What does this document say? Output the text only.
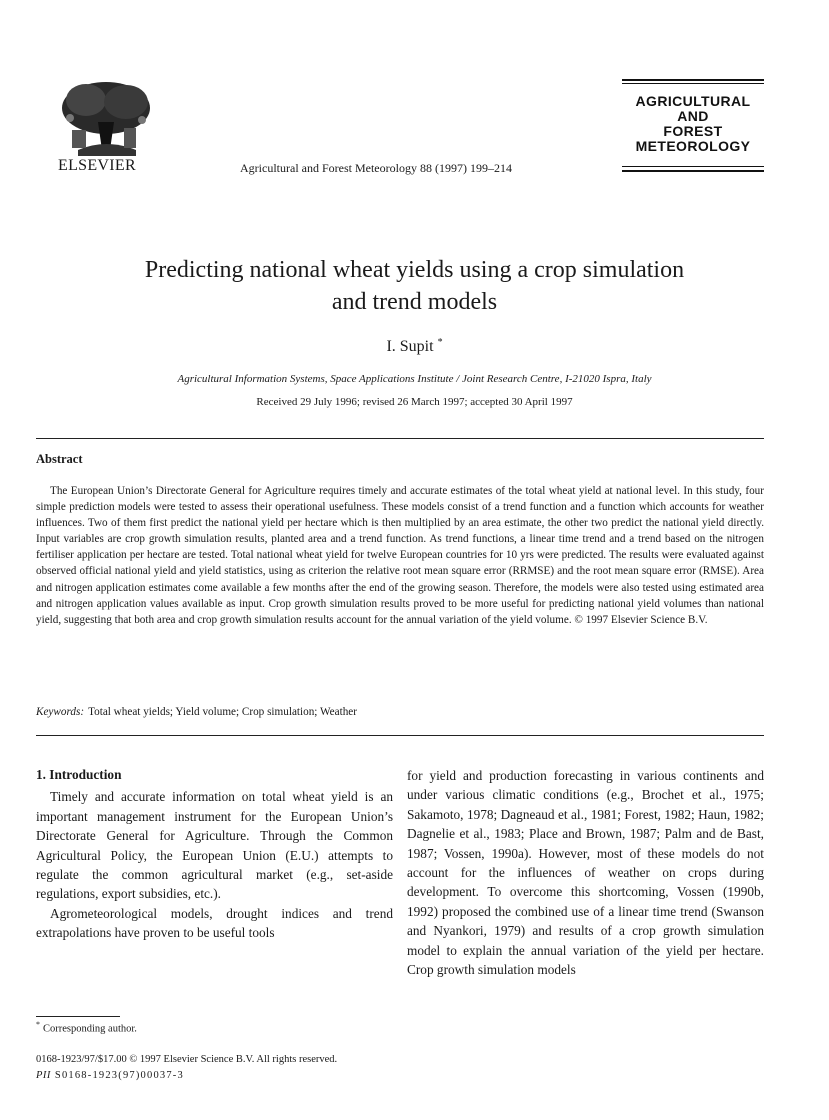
ELSEVIER	Agricultural and Forest Meteorology 88 (1997) 199–214
AGRICULTURAL
AND
FOREST
METEOROLOGY
Predicting national wheat yields using a crop simulation
and trend models
I. Supit *
Agricultural Information Systems, Space Applications Institute / Joint Research Centre, I-21020 Ispra, Italy
Received 29 July 1996; revised 26 March 1997; accepted 30 April 1997
Abstract

The European Union’s Directorate General for Agriculture requires timely and accurate estimates of the total wheat yield at national level. In this study, four simple prediction models were tested to assess their operational usefulness. These models consist of a trend function and a function which accounts for weather influences. Two of them first predict the national yield per hectare which is then multiplied by an area estimate, the other two predict the national yield directly. Input variables are crop growth simulation results, planted area and a trend function. As trend functions, a linear time trend and a trend based on the nitrogen fertiliser application per hectare are tested. Total national wheat yield for twelve European countries for 10 yrs were predicted. The results were evaluated against observed official national yield and yield statistics, using as criterion the relative root mean square error (RRMSE) and the root mean square error (RMSE). Area and nitrogen application estimates come available a few months after the end of the growing season. Therefore, the models were also tested using estimated area and nitrogen application values available as input. Crop growth simulation results proved to be more useful for predicting national yield volumes than national yield, suggesting that both area and crop growth simulation results account for the annual variation of the yield volume. © 1997 Elsevier Science B.V.

Keywords: Total wheat yields; Yield volume; Crop simulation; Weather
1. Introduction

Timely and accurate information on total wheat yield is an important management instrument for the European Union’s Directorate General for Agriculture. Through the Common Agricultural Policy, the European Union (E.U.) attempts to regulate the common agricultural market (e.g., set-aside regulations, export subsidies, etc.).

Agrometeorological models, drought indices and trend extrapolations have proven to be useful tools

for yield and production forecasting in various continents and under various climatic conditions (e.g., Brochet et al., 1975; Sakamoto, 1978; Dagneaud et al., 1981; Forest, 1982; Haun, 1982; Dagnelie et al., 1983; Place and Brown, 1987; Palm and de Bast, 1987; Vossen, 1990a). However, most of these models do not account for the influences of weather on crops during development. To overcome this shortcoming, Vossen (1990b, 1992) proposed the combined use of a linear time trend (Swanson and Nyankori, 1979) and results of a crop growth simulation model to explain the annual variation of the yield per hectare. Crop growth simulation models

* Corresponding author.
0168-1923/97/$17.00 © 1997 Elsevier Science B.V. All rights reserved.
PII S0168-1923(97)00037-3
